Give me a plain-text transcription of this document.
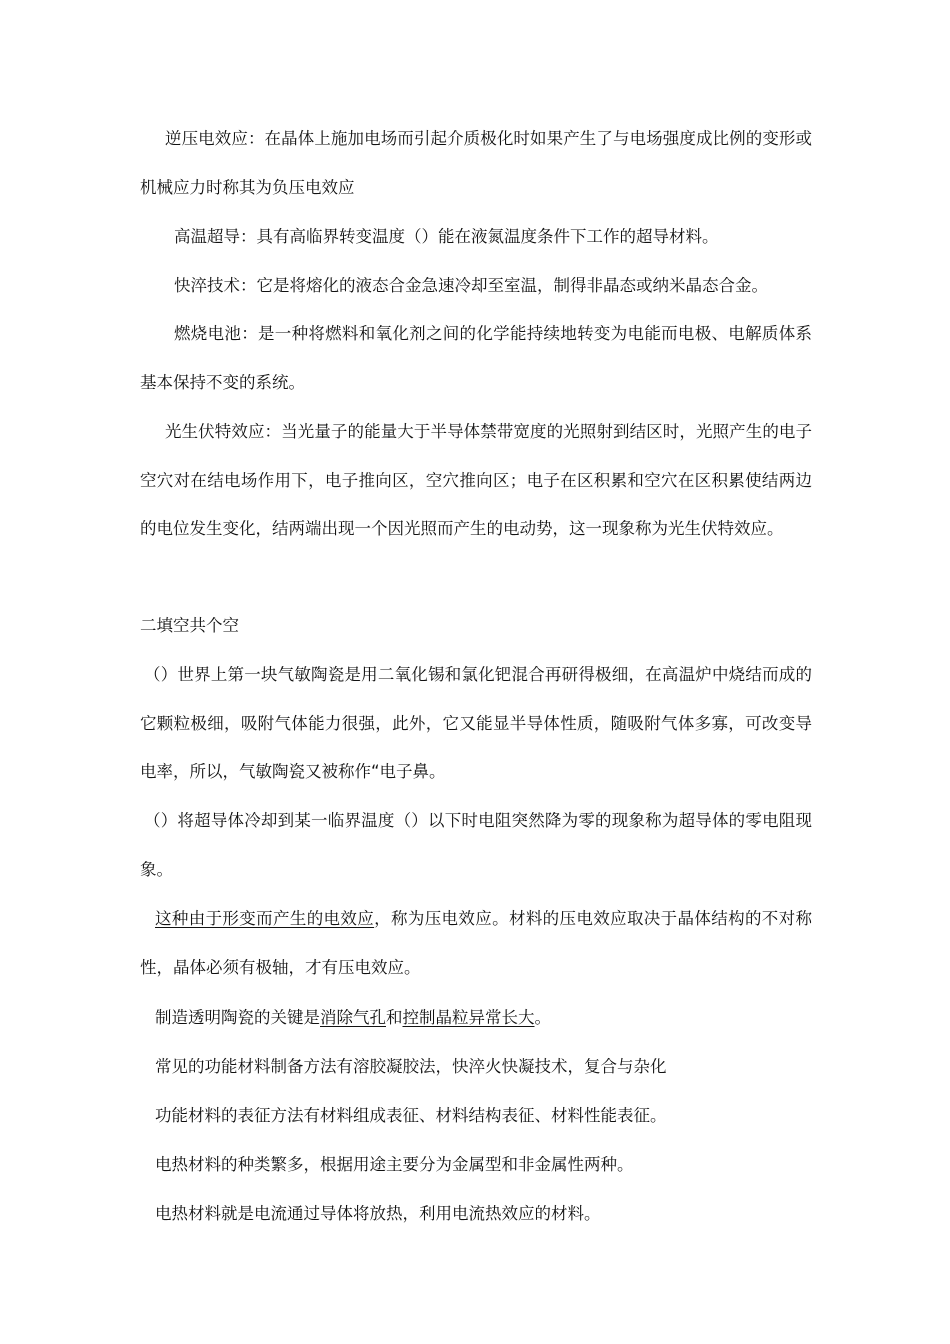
逆压电效应：在晶体上施加电场而引起介质极化时如果产生了与电场强度成比例的变形或机械应力时称其为负压电效应

高温超导：具有高临界转变温度（）能在液氮温度条件下工作的超导材料。

快淬技术：它是将熔化的液态合金急速冷却至室温，制得非晶态或纳米晶态合金。

燃烧电池：是一种将燃料和氧化剂之间的化学能持续地转变为电能而电极、电解质体系基本保持不变的系统。

光生伏特效应：当光量子的能量大于半导体禁带宽度的光照射到结区时，光照产生的电子空穴对在结电场作用下，电子推向区，空穴推向区；电子在区积累和空穴在区积累使结两边的电位发生变化，结两端出现一个因光照而产生的电动势，这一现象称为光生伏特效应。

二填空共个空

（）世界上第一块气敏陶瓷是用二氧化锡和氯化钯混合再研得极细，在高温炉中烧结而成的它颗粒极细，吸附气体能力很强，此外，它又能显半导体性质，随吸附气体多寡，可改变导电率，所以，气敏陶瓷又被称作“电子鼻。

（）将超导体冷却到某一临界温度（）以下时电阻突然降为零的现象称为超导体的零电阻现象。

这种由于形变而产生的电效应，称为压电效应。材料的压电效应取决于晶体结构的不对称性，晶体必须有极轴，才有压电效应。

制造透明陶瓷的关键是消除气孔和控制晶粒异常长大。

常见的功能材料制备方法有溶胶凝胶法，快淬火快凝技术，复合与杂化

功能材料的表征方法有材料组成表征、材料结构表征、材料性能表征。

电热材料的种类繁多，根据用途主要分为金属型和非金属性两种。

电热材料就是电流通过导体将放热，利用电流热效应的材料。
